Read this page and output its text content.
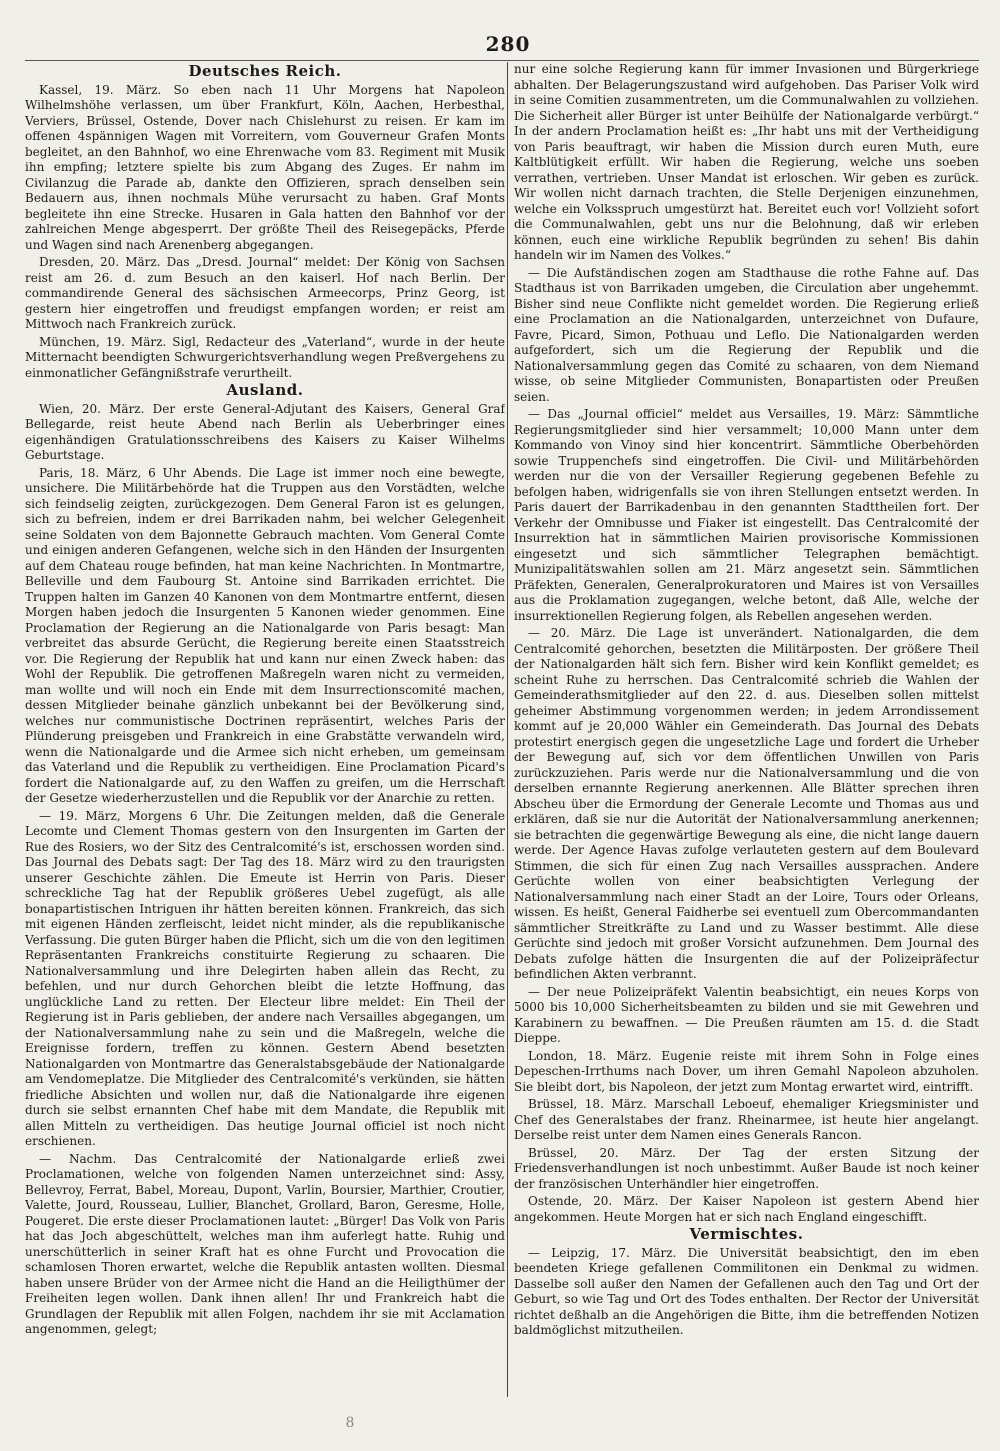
280
Deutsches Reich.

Kassel, 19. März. So eben nach 11 Uhr Morgens hat Napoleon Wilhelmshöhe verlassen, um über Frankfurt, Köln, Aachen, Herbesthal, Verviers, Brüssel, Ostende, Dover nach Chislehurst zu reisen. Er kam im offenen 4spännigen Wagen mit Vorreitern, vom Gouverneur Grafen Monts begleitet, an den Bahnhof, wo eine Ehrenwache vom 83. Regiment mit Musik ihn empfing; letztere spielte bis zum Abgang des Zuges. Er nahm im Civilanzug die Parade ab, dankte den Offizieren, sprach denselben sein Bedauern aus, ihnen nochmals Mühe verursacht zu haben. Graf Monts begleitete ihn eine Strecke. Husaren in Gala hatten den Bahnhof vor der zahlreichen Menge abgesperrt. Der größte Theil des Reisegepäcks, Pferde und Wagen sind nach Arenenberg abgegangen.

Dresden, 20. März. Das „Dresd. Journal“ meldet: Der König von Sachsen reist am 26. d. zum Besuch an den kaiserl. Hof nach Berlin. Der commandirende General des sächsischen Armeecorps, Prinz Georg, ist gestern hier eingetroffen und freudigst empfangen worden; er reist am Mittwoch nach Frankreich zurück.

München, 19. März. Sigl, Redacteur des „Vaterland“, wurde in der heute Mitternacht beendigten Schwurgerichtsverhandlung wegen Preßvergehens zu einmonatlicher Gefängnißstrafe verurtheilt.

Ausland.

Wien, 20. März. Der erste General-Adjutant des Kaisers, General Graf Bellegarde, reist heute Abend nach Berlin als Ueberbringer eines eigenhändigen Gratulationsschreibens des Kaisers zu Kaiser Wilhelms Geburtstage.

Paris, 18. März, 6 Uhr Abends. Die Lage ist immer noch eine bewegte, unsichere. Die Militärbehörde hat die Truppen aus den Vorstädten, welche sich feindselig zeigten, zurückgezogen. Dem General Faron ist es gelungen, sich zu befreien, indem er drei Barrikaden nahm, bei welcher Gelegenheit seine Soldaten von dem Bajonnette Gebrauch machten. Vom General Comte und einigen anderen Gefangenen, welche sich in den Händen der Insurgenten auf dem Chateau rouge befinden, hat man keine Nachrichten. In Montmartre, Belleville und dem Faubourg St. Antoine sind Barrikaden errichtet. Die Truppen halten im Ganzen 40 Kanonen von dem Montmartre entfernt, diesen Morgen haben jedoch die Insurgenten 5 Kanonen wieder genommen. Eine Proclamation der Regierung an die Nationalgarde von Paris besagt: Man verbreitet das absurde Gerücht, die Regierung bereite einen Staatsstreich vor. Die Regierung der Republik hat und kann nur einen Zweck haben: das Wohl der Republik. Die getroffenen Maßregeln waren nicht zu vermeiden, man wollte und will noch ein Ende mit dem Insurrectionscomité machen, dessen Mitglieder beinahe gänzlich unbekannt bei der Bevölkerung sind, welches nur communistische Doctrinen repräsentirt, welches Paris der Plünderung preisgeben und Frankreich in eine Grabstätte verwandeln wird, wenn die Nationalgarde und die Armee sich nicht erheben, um gemeinsam das Vaterland und die Republik zu vertheidigen. Eine Proclamation Picard's fordert die Nationalgarde auf, zu den Waffen zu greifen, um die Herrschaft der Gesetze wiederherzustellen und die Republik vor der Anarchie zu retten.

— 19. März, Morgens 6 Uhr. Die Zeitungen melden, daß die Generale Lecomte und Clement Thomas gestern von den Insurgenten im Garten der Rue des Rosiers, wo der Sitz des Centralcomité's ist, erschossen worden sind. Das Journal des Debats sagt: Der Tag des 18. März wird zu den traurigsten unserer Geschichte zählen. Die Emeute ist Herrin von Paris. Dieser schreckliche Tag hat der Republik größeres Uebel zugefügt, als alle bonapartistischen Intriguen ihr hätten bereiten können. Frankreich, das sich mit eigenen Händen zerfleischt, leidet nicht minder, als die republikanische Verfassung. Die guten Bürger haben die Pflicht, sich um die von den legitimen Repräsentanten Frankreichs constituirte Regierung zu schaaren. Die Nationalversammlung und ihre Delegirten haben allein das Recht, zu befehlen, und nur durch Gehorchen bleibt die letzte Hoffnung, das unglückliche Land zu retten. Der Electeur libre meldet: Ein Theil der Regierung ist in Paris geblieben, der andere nach Versailles abgegangen, um der Nationalversammlung nahe zu sein und die Maßregeln, welche die Ereignisse fordern, treffen zu können. Gestern Abend besetzten Nationalgarden von Montmartre das Generalstabsgebäude der Nationalgarde am Vendomeplatze. Die Mitglieder des Centralcomité's verkünden, sie hätten friedliche Absichten und wollen nur, daß die Nationalgarde ihre eigenen durch sie selbst ernannten Chef habe mit dem Mandate, die Republik mit allen Mitteln zu vertheidigen. Das heutige Journal officiel ist noch nicht erschienen.

— Nachm. Das Centralcomité der Nationalgarde erließ zwei Proclamationen, welche von folgenden Namen unterzeichnet sind: Assy, Bellevroy, Ferrat, Babel, Moreau, Dupont, Varlin, Boursier, Marthier, Croutier, Valette, Jourd, Rousseau, Lullier, Blanchet, Grollard, Baron, Geresme, Holle, Pougeret. Die erste dieser Proclamationen lautet: „Bürger! Das Volk von Paris hat das Joch abgeschüttelt, welches man ihm auferlegt hatte. Ruhig und unerschütterlich in seiner Kraft hat es ohne Furcht und Provocation die schamlosen Thoren erwartet, welche die Republik antasten wollten. Diesmal haben unsere Brüder von der Armee nicht die Hand an die Heiligthümer der Freiheiten legen wollen. Dank ihnen allen! Ihr und Frankreich habt die Grundlagen der Republik mit allen Folgen, nachdem ihr sie mit Acclamation angenommen, gelegt;

nur eine solche Regierung kann für immer Invasionen und Bürgerkriege abhalten. Der Belagerungszustand wird aufgehoben. Das Pariser Volk wird in seine Comitien zusammentreten, um die Communalwahlen zu vollziehen. Die Sicherheit aller Bürger ist unter Beihülfe der Nationalgarde verbürgt.“ In der andern Proclamation heißt es: „Ihr habt uns mit der Vertheidigung von Paris beauftragt, wir haben die Mission durch euren Muth, eure Kaltblütigkeit erfüllt. Wir haben die Regierung, welche uns soeben verrathen, vertrieben. Unser Mandat ist erloschen. Wir geben es zurück. Wir wollen nicht darnach trachten, die Stelle Derjenigen einzunehmen, welche ein Volksspruch umgestürzt hat. Bereitet euch vor! Vollzieht sofort die Communalwahlen, gebt uns nur die Belohnung, daß wir erleben können, euch eine wirkliche Republik begründen zu sehen! Bis dahin handeln wir im Namen des Volkes.“

— Die Aufständischen zogen am Stadthause die rothe Fahne auf. Das Stadthaus ist von Barrikaden umgeben, die Circulation aber ungehemmt. Bisher sind neue Conflikte nicht gemeldet worden. Die Regierung erließ eine Proclamation an die Nationalgarden, unterzeichnet von Dufaure, Favre, Picard, Simon, Pothuau und Leflo. Die Nationalgarden werden aufgefordert, sich um die Regierung der Republik und die Nationalversammlung gegen das Comité zu schaaren, von dem Niemand wisse, ob seine Mitglieder Communisten, Bonapartisten oder Preußen seien.

— Das „Journal officiel“ meldet aus Versailles, 19. März: Sämmtliche Regierungsmitglieder sind hier versammelt; 10,000 Mann unter dem Kommando von Vinoy sind hier koncentrirt. Sämmtliche Oberbehörden sowie Truppenchefs sind eingetroffen. Die Civil- und Militärbehörden werden nur die von der Versailler Regierung gegebenen Befehle zu befolgen haben, widrigenfalls sie von ihren Stellungen entsetzt werden. In Paris dauert der Barrikadenbau in den genannten Stadttheilen fort. Der Verkehr der Omnibusse und Fiaker ist eingestellt. Das Centralcomité der Insurrektion hat in sämmtlichen Mairien provisorische Kommissionen eingesetzt und sich sämmtlicher Telegraphen bemächtigt. Munizipalitätswahlen sollen am 21. März angesetzt sein. Sämmtlichen Präfekten, Generalen, Generalprokuratoren und Maires ist von Versailles aus die Proklamation zugegangen, welche betont, daß Alle, welche der insurrektionellen Regierung folgen, als Rebellen angesehen werden.

— 20. März. Die Lage ist unverändert. Nationalgarden, die dem Centralcomité gehorchen, besetzten die Militärposten. Der größere Theil der Nationalgarden hält sich fern. Bisher wird kein Konflikt gemeldet; es scheint Ruhe zu herrschen. Das Centralcomité schrieb die Wahlen der Gemeinderathsmitglieder auf den 22. d. aus. Dieselben sollen mittelst geheimer Abstimmung vorgenommen werden; in jedem Arrondissement kommt auf je 20,000 Wähler ein Gemeinderath. Das Journal des Debats protestirt energisch gegen die ungesetzliche Lage und fordert die Urheber der Bewegung auf, sich vor dem öffentlichen Unwillen von Paris zurückzuziehen. Paris werde nur die Nationalversammlung und die von derselben ernannte Regierung anerkennen. Alle Blätter sprechen ihren Abscheu über die Ermordung der Generale Lecomte und Thomas aus und erklären, daß sie nur die Autorität der Nationalversammlung anerkennen; sie betrachten die gegenwärtige Bewegung als eine, die nicht lange dauern werde. Der Agence Havas zufolge verlauteten gestern auf dem Boulevard Stimmen, die sich für einen Zug nach Versailles aussprachen. Andere Gerüchte wollen von einer beabsichtigten Verlegung der Nationalversammlung nach einer Stadt an der Loire, Tours oder Orleans, wissen. Es heißt, General Faidherbe sei eventuell zum Obercommandanten sämmtlicher Streitkräfte zu Land und zu Wasser bestimmt. Alle diese Gerüchte sind jedoch mit großer Vorsicht aufzunehmen. Dem Journal des Debats zufolge hätten die Insurgenten die auf der Polizeipräfectur befindlichen Akten verbrannt.

— Der neue Polizeipräfekt Valentin beabsichtigt, ein neues Korps von 5000 bis 10,000 Sicherheitsbeamten zu bilden und sie mit Gewehren und Karabinern zu bewaffnen. — Die Preußen räumten am 15. d. die Stadt Dieppe.

London, 18. März. Eugenie reiste mit ihrem Sohn in Folge eines Depeschen-Irrthums nach Dover, um ihren Gemahl Napoleon abzuholen. Sie bleibt dort, bis Napoleon, der jetzt zum Montag erwartet wird, eintrifft.

Brüssel, 18. März. Marschall Leboeuf, ehemaliger Kriegsminister und Chef des Generalstabes der franz. Rheinarmee, ist heute hier angelangt. Derselbe reist unter dem Namen eines Generals Rancon.

Brüssel, 20. März. Der Tag der ersten Sitzung der Friedensverhandlungen ist noch unbestimmt. Außer Baude ist noch keiner der französischen Unterhändler hier eingetroffen.

Ostende, 20. März. Der Kaiser Napoleon ist gestern Abend hier angekommen. Heute Morgen hat er sich nach England eingeschifft.

Vermischtes.

— Leipzig, 17. März. Die Universität beabsichtigt, den im eben beendeten Kriege gefallenen Commilitonen ein Denkmal zu widmen. Dasselbe soll außer den Namen der Gefallenen auch den Tag und Ort der Geburt, so wie Tag und Ort des Todes enthalten. Der Rector der Universität richtet deßhalb an die Angehörigen die Bitte, ihm die betreffenden Notizen baldmöglichst mitzutheilen.

8
